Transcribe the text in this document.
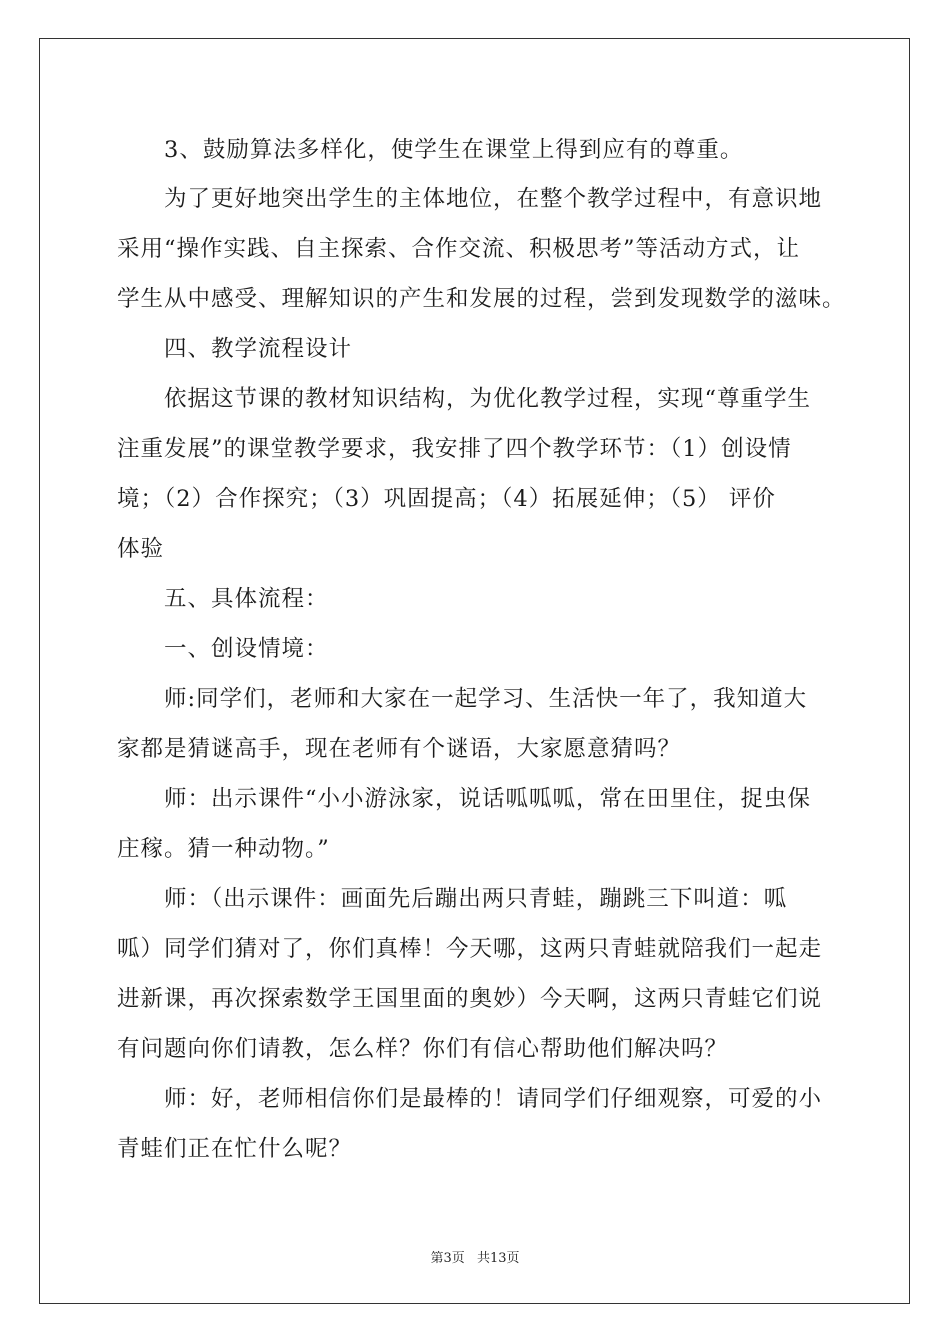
　　3、鼓励算法多样化，使学生在课堂上得到应有的尊重。
　　为了更好地突出学生的主体地位，在整个教学过程中，有意识地
采用“操作实践、自主探索、合作交流、积极思考”等活动方式，让
学生从中感受、理解知识的产生和发展的过程，尝到发现数学的滋味。
　　四、教学流程设计
　　依据这节课的教材知识结构，为优化教学过程，实现“尊重学生
注重发展”的课堂教学要求，我安排了四个教学环节：（1）创设情
境；（2）合作探究；（3）巩固提高；（4）拓展延伸；（5） 评价
体验
　　五、具体流程：
　　一、创设情境：
　　师:同学们，老师和大家在一起学习、生活快一年了，我知道大
家都是猜谜高手，现在老师有个谜语，大家愿意猜吗？
　　师：出示课件“小小游泳家，说话呱呱呱，常在田里住，捉虫保
庄稼。猜一种动物。”
　　师：（出示课件：画面先后蹦出两只青蛙，蹦跳三下叫道：呱
呱）同学们猜对了，你们真棒！今天哪，这两只青蛙就陪我们一起走
进新课，再次探索数学王国里面的奥妙）今天啊，这两只青蛙它们说
有问题向你们请教，怎么样？你们有信心帮助他们解决吗？
　　师：好，老师相信你们是最棒的！请同学们仔细观察，可爱的小
青蛙们正在忙什么呢？
第3页 共13页
